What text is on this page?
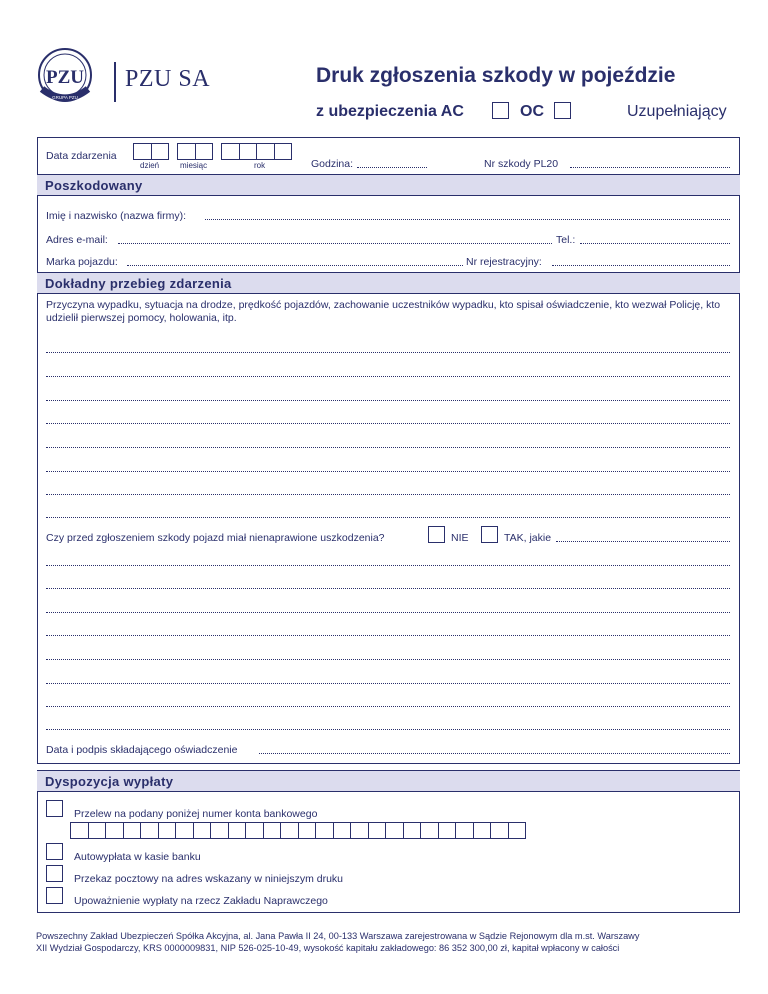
PZU
GRUPA PZU
PZU SA	Druk zgłoszenia szkody w pojeździe
z ubezpieczenia AC	OC	Uzupełniający
Data zdarzenia
dzień	miesiąc	rok	Godzina:	Nr szkody PL20
Poszkodowany
Imię i nazwisko (nazwa firmy):
Adres e-mail:	Tel.:
Marka pojazdu:	Nr rejestracyjny:
Dokładny przebieg zdarzenia
Przyczyna wypadku, sytuacja na drodze, prędkość pojazdów, zachowanie uczestników wypadku, kto spisał oświadczenie, kto wezwał Policję, kto udzielił pierwszej pomocy, holowania, itp.
Czy przed zgłoszeniem szkody pojazd miał nienaprawione uszkodzenia?	NIE	TAK, jakie
Data i podpis składającego oświadczenie
Dyspozycja wypłaty
Przelew na podany poniżej numer konta bankowego
Autowypłata w kasie banku
Przekaz pocztowy na adres wskazany w niniejszym druku
Upoważnienie wypłaty na rzecz Zakładu Naprawczego
Powszechny Zakład Ubezpieczeń Spółka Akcyjna, al. Jana Pawła II 24, 00-133 Warszawa zarejestrowana w Sądzie Rejonowym dla m.st. Warszawy
XII Wydział Gospodarczy, KRS 0000009831, NIP 526-025-10-49, wysokość kapitału zakładowego: 86 352 300,00 zł, kapitał wpłacony w całości
